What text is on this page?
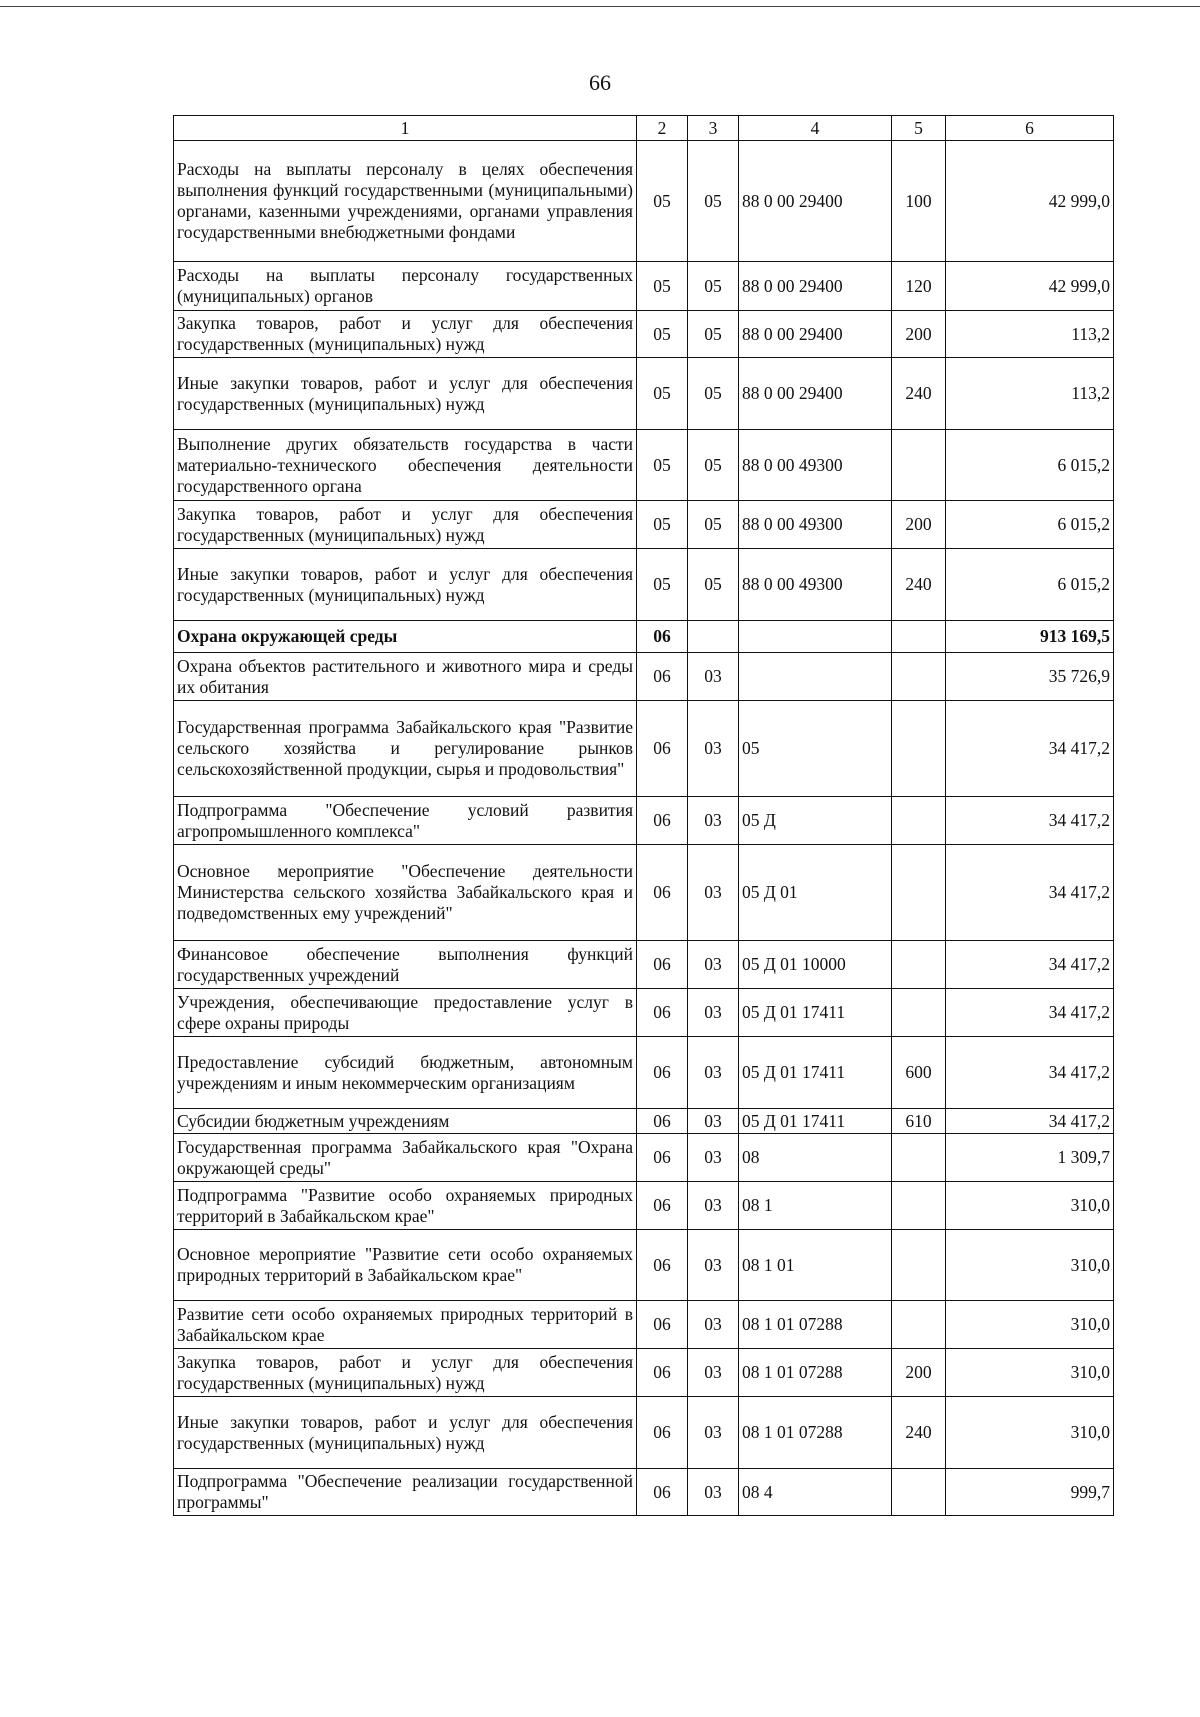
66
1	2	3	4	5	6
Расходы на выплаты персоналу в целях обеспечения выполнения функций государственными (муниципальными) органами, казенными учреждениями, органами управления государственными внебюджетными фондами	05	05	88 0 00 29400	100	42 999,0
Расходы на выплаты персоналу государственных (муниципальных) органов	05	05	88 0 00 29400	120	42 999,0
Закупка товаров, работ и услуг для обеспечения государственных (муниципальных) нужд	05	05	88 0 00 29400	200	113,2
Иные закупки товаров, работ и услуг для обеспечения государственных (муниципальных) нужд	05	05	88 0 00 29400	240	113,2
Выполнение других обязательств государства в части материально-технического обеспечения деятельности государственного органа	05	05	88 0 00 49300		6 015,2
Закупка товаров, работ и услуг для обеспечения государственных (муниципальных) нужд	05	05	88 0 00 49300	200	6 015,2
Иные закупки товаров, работ и услуг для обеспечения государственных (муниципальных) нужд	05	05	88 0 00 49300	240	6 015,2
Охрана окружающей среды	06				913 169,5
Охрана объектов растительного и животного мира и среды их обитания	06	03			35 726,9
Государственная программа Забайкальского края "Развитие сельского хозяйства и регулирование рынков сельскохозяйственной продукции, сырья и продовольствия"	06	03	05		34 417,2
Подпрограмма "Обеспечение условий развития агропромышленного комплекса"	06	03	05 Д		34 417,2
Основное мероприятие "Обеспечение деятельности Министерства сельского хозяйства Забайкальского края и подведомственных ему учреждений"	06	03	05 Д 01		34 417,2
Финансовое обеспечение выполнения функций государственных учреждений	06	03	05 Д 01 10000		34 417,2
Учреждения, обеспечивающие предоставление услуг в сфере охраны природы	06	03	05 Д 01 17411		34 417,2
Предоставление субсидий бюджетным, автономным учреждениям и иным некоммерческим организациям	06	03	05 Д 01 17411	600	34 417,2
Субсидии бюджетным учреждениям	06	03	05 Д 01 17411	610	34 417,2
Государственная программа Забайкальского края "Охрана окружающей среды"	06	03	08		1 309,7
Подпрограмма "Развитие особо охраняемых природных территорий в Забайкальском крае"	06	03	08 1		310,0
Основное мероприятие "Развитие сети особо охраняемых природных территорий в Забайкальском крае"	06	03	08 1 01		310,0
Развитие сети особо охраняемых природных территорий в Забайкальском крае	06	03	08 1 01 07288		310,0
Закупка товаров, работ и услуг для обеспечения государственных (муниципальных) нужд	06	03	08 1 01 07288	200	310,0
Иные закупки товаров, работ и услуг для обеспечения государственных (муниципальных) нужд	06	03	08 1 01 07288	240	310,0
Подпрограмма "Обеспечение реализации государственной программы"	06	03	08 4		999,7
